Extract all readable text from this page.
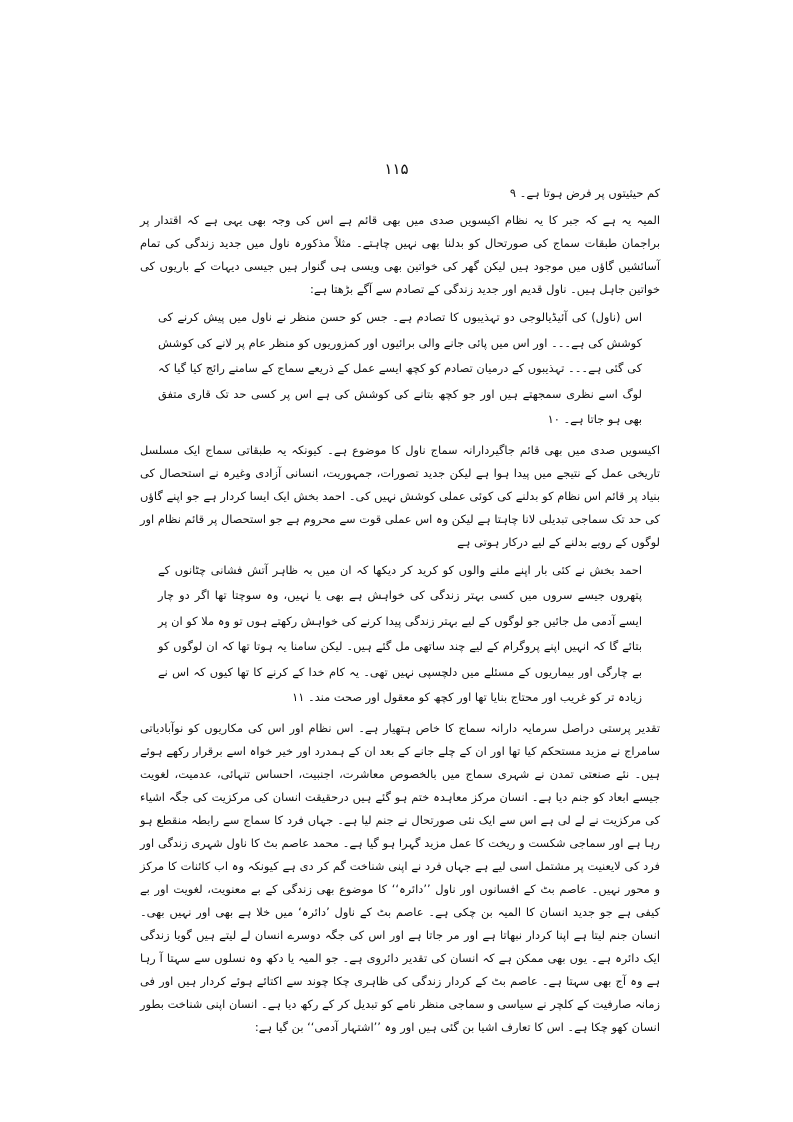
۱۱۵

کم حیثیتوں پر فرض ہوتا ہے۔ ۹

المیہ یہ ہے کہ جبر کا یہ نظام اکیسویں صدی میں بھی قائم ہے اس کی وجہ بھی یہی ہے کہ اقتدار پر براجمان طبقات سماج کی صورتحال کو بدلنا بھی نہیں چاہتے۔ مثلاً مذکورہ ناول میں جدید زندگی کی تمام آسائشیں گاؤں میں موجود ہیں لیکن گھر کی خواتین بھی ویسی ہی گنوار ہیں جیسی دیہات کے باریوں کی خواتین جاہل ہیں۔ ناول قدیم اور جدید زندگی کے تصادم سے آگے بڑھتا ہے:

اس (ناول) کی آئیڈیالوجی دو تہذیبوں کا تصادم ہے۔ جس کو حسن منظر نے ناول میں پیش کرنے کی کوشش کی ہے۔۔۔ اور اس میں پائی جانے والی برائیوں اور کمزوریوں کو منظر عام پر لانے کی کوشش کی گئی ہے۔۔۔ تہذیبوں کے درمیان تصادم کو کچھ ایسے عمل کے ذریعے سماج کے سامنے رائج کیا گیا کہ لوگ اسے نظری سمجھتے ہیں اور جو کچھ بتانے کی کوشش کی ہے اس پر کسی حد تک قاری متفق بھی ہو جاتا ہے۔ ۱۰

اکیسویں صدی میں بھی قائم جاگیردارانہ سماج ناول کا موضوع ہے۔ کیونکہ یہ طبقاتی سماج ایک مسلسل تاریخی عمل کے نتیجے میں پیدا ہوا ہے لیکن جدید تصورات، جمہوریت، انسانی آزادی وغیرہ نے استحصال کی بنیاد پر قائم اس نظام کو بدلنے کی کوئی عملی کوشش نہیں کی۔ احمد بخش ایک ایسا کردار ہے جو اپنے گاؤں کی حد تک سماجی تبدیلی لانا چاہتا ہے لیکن وہ اس عملی قوت سے محروم ہے جو استحصال پر قائم نظام اور لوگوں کے رویے بدلنے کے لیے درکار ہوتی ہے

احمد بخش نے کئی بار اپنے ملنے والوں کو کرید کر دیکھا کہ ان میں بہ ظاہر آتش فشانی چٹانوں کے پتھروں جیسے سروں میں کسی بہتر زندگی کی خواہش ہے بھی یا نہیں، وہ سوچتا تھا اگر دو چار ایسے آدمی مل جائیں جو لوگوں کے لیے بہتر زندگی پیدا کرنے کی خواہش رکھتے ہوں تو وہ ملا کو ان پر بتائے گا کہ انہیں اپنے پروگرام کے لیے چند ساتھی مل گئے ہیں۔ لیکن سامنا یہ ہوتا تھا کہ ان لوگوں کو بے چارگی اور بیماریوں کے مسئلے میں دلچسپی نہیں تھی۔ یہ کام خدا کے کرنے کا تھا کیوں کہ اس نے زیادہ تر کو غریب اور محتاج بنایا تھا اور کچھ کو معقول اور صحت مند۔ ۱۱

تقدیر پرستی دراصل سرمایہ دارانہ سماج کا خاص ہتھیار ہے۔ اس نظام اور اس کی مکاریوں کو نوآبادیاتی سامراج نے مزید مستحکم کیا تھا اور ان کے چلے جانے کے بعد ان کے ہمدرد اور خیر خواہ اسے برقرار رکھے ہوئے ہیں۔ نئے صنعتی تمدن نے شہری سماج میں بالخصوص معاشرت، اجنبیت، احساس تنہائی، عدمیت، لغویت جیسے ابعاد کو جنم دیا ہے۔ انسان مرکز معاہدہ ختم ہو گئے ہیں درحقیقت انسان کی مرکزیت کی جگہ اشیاء کی مرکزیت نے لے لی ہے اس سے ایک نئی صورتحال نے جنم لیا ہے۔ جہاں فرد کا سماج سے رابطہ منقطع ہو رہا ہے اور سماجی شکست و ریخت کا عمل مزید گہرا ہو گیا ہے۔ محمد عاصم بٹ کا ناول شہری زندگی اور فرد کی لایعنیت پر مشتمل اسی لیے ہے جہاں فرد نے اپنی شناخت گم کر دی ہے کیونکہ وہ اب کائنات کا مرکز و محور نہیں۔ عاصم بٹ کے افسانوں اور ناول ’’دائرہ‘‘ کا موضوع بھی زندگی کے بے معنویت، لغویت اور بے کیفی ہے جو جدید انسان کا المیہ بن چکی ہے۔ عاصم بٹ کے ناول ’دائرہ‘ میں خلا ہے بھی اور نہیں بھی۔ انسان جنم لیتا ہے اپنا کردار نبھاتا ہے اور مر جاتا ہے اور اس کی جگہ دوسرے انسان لے لیتے ہیں گویا زندگی ایک دائرہ ہے۔ یوں بھی ممکن ہے کہ انسان کی تقدیر دائروی ہے۔ جو المیہ یا دکھ وہ نسلوں سے سہتا آ رہا ہے وہ آج بھی سہتا ہے۔ عاصم بٹ کے کردار زندگی کی ظاہری چکا چوند سے اکتائے ہوئے کردار ہیں اور فی زمانہ صارفیت کے کلچر نے سیاسی و سماجی منظر نامے کو تبدیل کر کے رکھ دیا ہے۔ انسان اپنی شناخت بطور انسان کھو چکا ہے۔ اس کا تعارف اشیا بن گئی ہیں اور وہ ’’اشتہار آدمی‘‘ بن گیا ہے:
